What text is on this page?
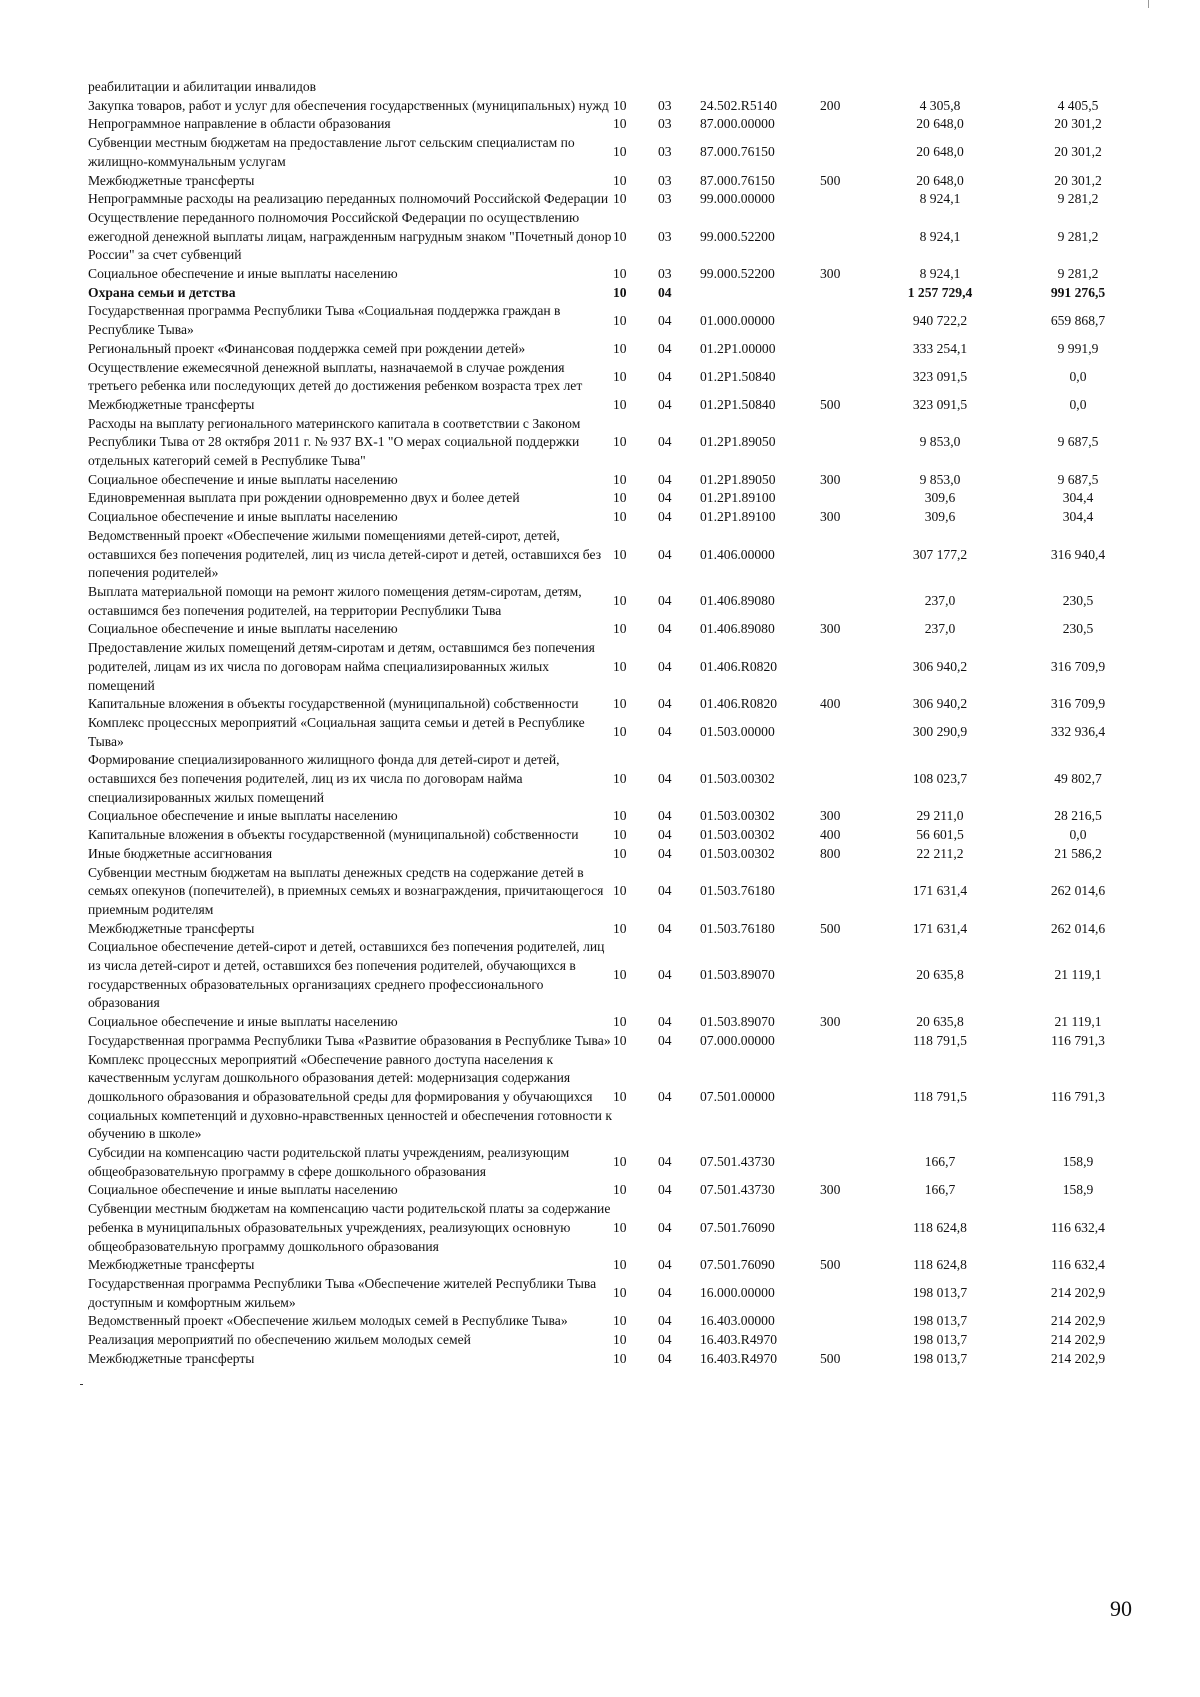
реабилитации и абилитации инвалидов						
Закупка товаров, работ и услуг для обеспечения государственных (муниципальных) нужд	10	03	24.502.R5140	200	4 305,8	4 405,5
Непрограммное направление в области образования	10	03	87.000.00000		20 648,0	20 301,2
Субвенции местным бюджетам на предоставление льгот сельским специалистам по жилищно-коммунальным услугам	10	03	87.000.76150		20 648,0	20 301,2
Межбюджетные трансферты	10	03	87.000.76150	500	20 648,0	20 301,2
Непрограммные расходы на реализацию переданных полномочий Российской Федерации	10	03	99.000.00000		8 924,1	9 281,2
Осуществление переданного полномочия Российской Федерации по осуществлению ежегодной денежной выплаты лицам, награжденным нагрудным знаком "Почетный донор России" за счет субвенций	10	03	99.000.52200		8 924,1	9 281,2
Социальное обеспечение и иные выплаты населению	10	03	99.000.52200	300	8 924,1	9 281,2
Охрана семьи и детства	10	04			1 257 729,4	991 276,5
Государственная программа Республики Тыва «Социальная поддержка граждан в Республике Тыва»	10	04	01.000.00000		940 722,2	659 868,7
Региональный проект «Финансовая поддержка семей при рождении детей»	10	04	01.2P1.00000		333 254,1	9 991,9
Осуществление ежемесячной денежной выплаты, назначаемой в случае рождения третьего ребенка или последующих детей до достижения ребенком возраста трех лет	10	04	01.2P1.50840		323 091,5	0,0
Межбюджетные трансферты	10	04	01.2P1.50840	500	323 091,5	0,0
Расходы на выплату регионального материнского капитала в соответствии с Законом Республики Тыва от 28 октября 2011 г. № 937 ВХ-1 "О мерах социальной поддержки отдельных категорий семей в Республике Тыва"	10	04	01.2P1.89050		9 853,0	9 687,5
Социальное обеспечение и иные выплаты населению	10	04	01.2P1.89050	300	9 853,0	9 687,5
Единовременная выплата при рождении одновременно двух и более детей	10	04	01.2P1.89100		309,6	304,4
Социальное обеспечение и иные выплаты населению	10	04	01.2P1.89100	300	309,6	304,4
Ведомственный проект «Обеспечение жилыми помещениями детей-сирот, детей, оставшихся без попечения родителей, лиц из числа детей-сирот и детей, оставшихся без попечения родителей»	10	04	01.406.00000		307 177,2	316 940,4
Выплата материальной помощи на ремонт жилого помещения детям-сиротам, детям, оставшимся без попечения родителей, на территории Республики Тыва	10	04	01.406.89080		237,0	230,5
Социальное обеспечение и иные выплаты населению	10	04	01.406.89080	300	237,0	230,5
Предоставление жилых помещений детям-сиротам и детям, оставшимся без попечения родителей, лицам из их числа по договорам найма специализированных жилых помещений	10	04	01.406.R0820		306 940,2	316 709,9
Капитальные вложения в объекты государственной (муниципальной) собственности	10	04	01.406.R0820	400	306 940,2	316 709,9
Комплекс процессных мероприятий «Социальная защита семьи и детей в Республике Тыва»	10	04	01.503.00000		300 290,9	332 936,4
Формирование специализированного жилищного фонда для детей-сирот и детей, оставшихся без попечения родителей, лиц из их числа по договорам найма специализированных жилых помещений	10	04	01.503.00302		108 023,7	49 802,7
Социальное обеспечение и иные выплаты населению	10	04	01.503.00302	300	29 211,0	28 216,5
Капитальные вложения в объекты государственной (муниципальной) собственности	10	04	01.503.00302	400	56 601,5	0,0
Иные бюджетные ассигнования	10	04	01.503.00302	800	22 211,2	21 586,2
Субвенции местным бюджетам на выплаты денежных средств на содержание детей в семьях опекунов (попечителей), в приемных семьях и вознаграждения, причитающегося приемным родителям	10	04	01.503.76180		171 631,4	262 014,6
Межбюджетные трансферты	10	04	01.503.76180	500	171 631,4	262 014,6
Социальное обеспечение детей-сирот и детей, оставшихся без попечения родителей, лиц из числа детей-сирот и детей, оставшихся без попечения родителей, обучающихся в государственных образовательных организациях среднего профессионального образования	10	04	01.503.89070		20 635,8	21 119,1
Социальное обеспечение и иные выплаты населению	10	04	01.503.89070	300	20 635,8	21 119,1
Государственная программа Республики Тыва «Развитие образования в Республике Тыва»	10	04	07.000.00000		118 791,5	116 791,3
Комплекс процессных мероприятий «Обеспечение равного доступа населения к качественным услугам дошкольного образования детей: модернизация содержания дошкольного образования и образовательной среды для формирования у обучающихся социальных компетенций и духовно-нравственных ценностей и обеспечения готовности к обучению в школе»	10	04	07.501.00000		118 791,5	116 791,3
Субсидии на компенсацию части родительской платы учреждениям, реализующим общеобразовательную программу в сфере дошкольного образования	10	04	07.501.43730		166,7	158,9
Социальное обеспечение и иные выплаты населению	10	04	07.501.43730	300	166,7	158,9
Субвенции местным бюджетам на компенсацию части родительской платы за содержание ребенка в муниципальных образовательных учреждениях, реализующих основную общеобразовательную программу дошкольного образования	10	04	07.501.76090		118 624,8	116 632,4
Межбюджетные трансферты	10	04	07.501.76090	500	118 624,8	116 632,4
Государственная программа Республики Тыва «Обеспечение жителей Республики Тыва доступным и комфортным жильем»	10	04	16.000.00000		198 013,7	214 202,9
Ведомственный проект «Обеспечение жильем молодых семей в Республике Тыва»	10	04	16.403.00000		198 013,7	214 202,9
Реализация мероприятий по обеспечению жильем молодых семей	10	04	16.403.R4970		198 013,7	214 202,9
Межбюджетные трансферты	10	04	16.403.R4970	500	198 013,7	214 202,9
90
